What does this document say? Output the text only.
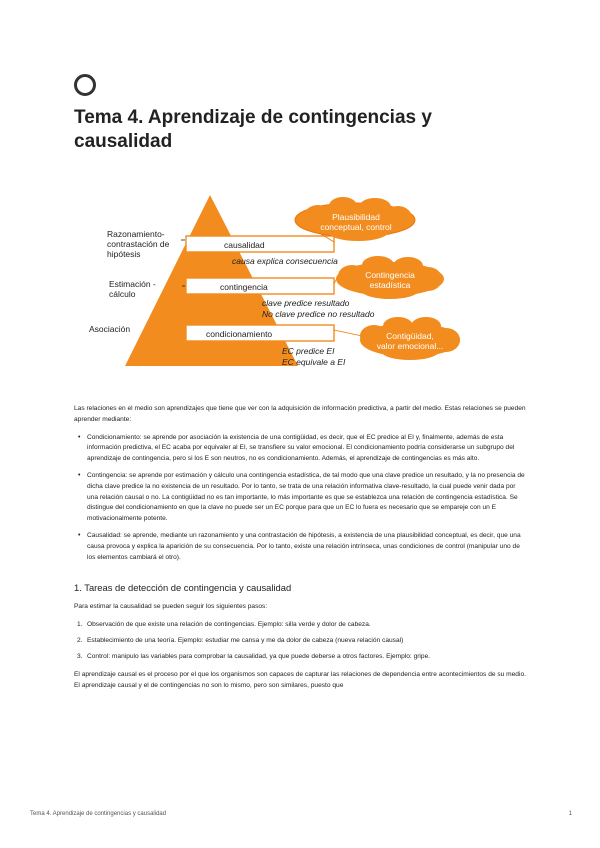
Tema 4. Aprendizaje de contingencias y causalidad
causalidad
contingencia
condicionamiento
Razonamiento-
contrastación de
hipótesis
Estimación -
cálculo
Asociación
causa explica consecuencia
clave predice resultado
No clave predice no resultado
EC predice EI
EC equivale a EI
Plausibilidad
conceptual, control
Contingencia
estadística
Contigüidad,
valor emocional...

Las relaciones en el medio son aprendizajes que tiene que ver con la adquisición de información predictiva, a partir del medio. Estas relaciones se pueden aprender mediante:

• Condicionamiento: se aprende por asociación la existencia de una contigüidad, es decir, que el EC predice al EI y, finalmente, además de esta información predictiva, el EC acaba por equivaler al EI, se transfiere su valor emocional. El condicionamiento podría considerarse un subgrupo del aprendizaje de contingencia, pero si los E son neutros, no es condicionamiento. Además, el aprendizaje de contingencias es más alto.
• Contingencia: se aprende por estimación y cálculo una contingencia estadística, de tal modo que una clave predice un resultado, y la no presencia de dicha clave predice la no existencia de un resultado. Por lo tanto, se trata de una relación informativa clave-resultado, la cual puede venir dada por una relación causal o no. La contigüidad no es tan importante, lo más importante es que se establezca una relación de contingencia estadística. Se distingue del condicionamiento en que la clave no puede ser un EC porque para que un EC lo fuera es necesario que se empareje con un E motivacionalmente potente.
• Causalidad: se aprende, mediante un razonamiento y una contrastación de hipótesis, a existencia de una plausibilidad conceptual, es decir, que una causa provoca y explica la aparición de su consecuencia. Por lo tanto, existe una relación intrínseca, unas condiciones de control (manipular uno de los elementos cambiará el otro).
1. Tareas de detección de contingencia y causalidad

Para estimar la causalidad se pueden seguir los siguientes pasos:

1. Observación de que existe una relación de contingencias. Ejemplo: silla verde y dolor de cabeza.
2. Establecimiento de una teoría. Ejemplo: estudiar me cansa y me da dolor de cabeza (nueva relación causal)
3. Control: manipulo las variables para comprobar la causalidad, ya que puede deberse a otros factores. Ejemplo: gripe.

El aprendizaje causal es el proceso por el que los organismos son capaces de capturar las relaciones de dependencia entre acontecimientos de su medio. El aprendizaje causal y el de contingencias no son lo mismo, pero son similares, puesto que

Tema 4. Aprendizaje de contingencias y causalidad	1
